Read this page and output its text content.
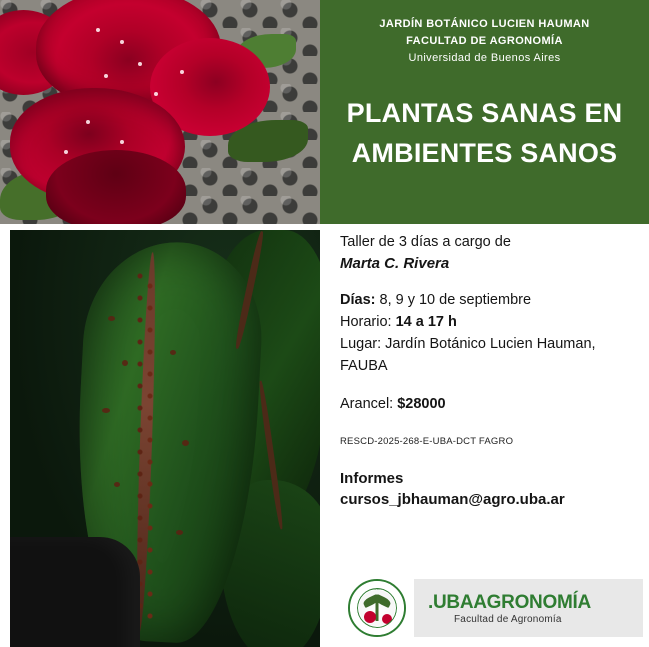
JARDÍN BOTÁNICO LUCIEN HAUMAN
FACULTAD DE AGRONOMÍA
Universidad de Buenos Aires
PLANTAS SANAS EN
AMBIENTES SANOS
Taller de 3 días a cargo de
Marta C. Rivera
Días: 8, 9 y 10 de septiembre
Horario: 14 a 17 h
Lugar: Jardín Botánico Lucien Hauman,
FAUBA
Arancel: $28000
RESCD-2025-268-E-UBA-DCT FAGRO
Informes
cursos_jbhauman@agro.uba.ar
JARDÍN BOTÁNICO LUCIEN HAUMAN
FACULTAD DE AGRONOMÍA UBA
.UBAAGRONOMÍA
Facultad de Agronomía
